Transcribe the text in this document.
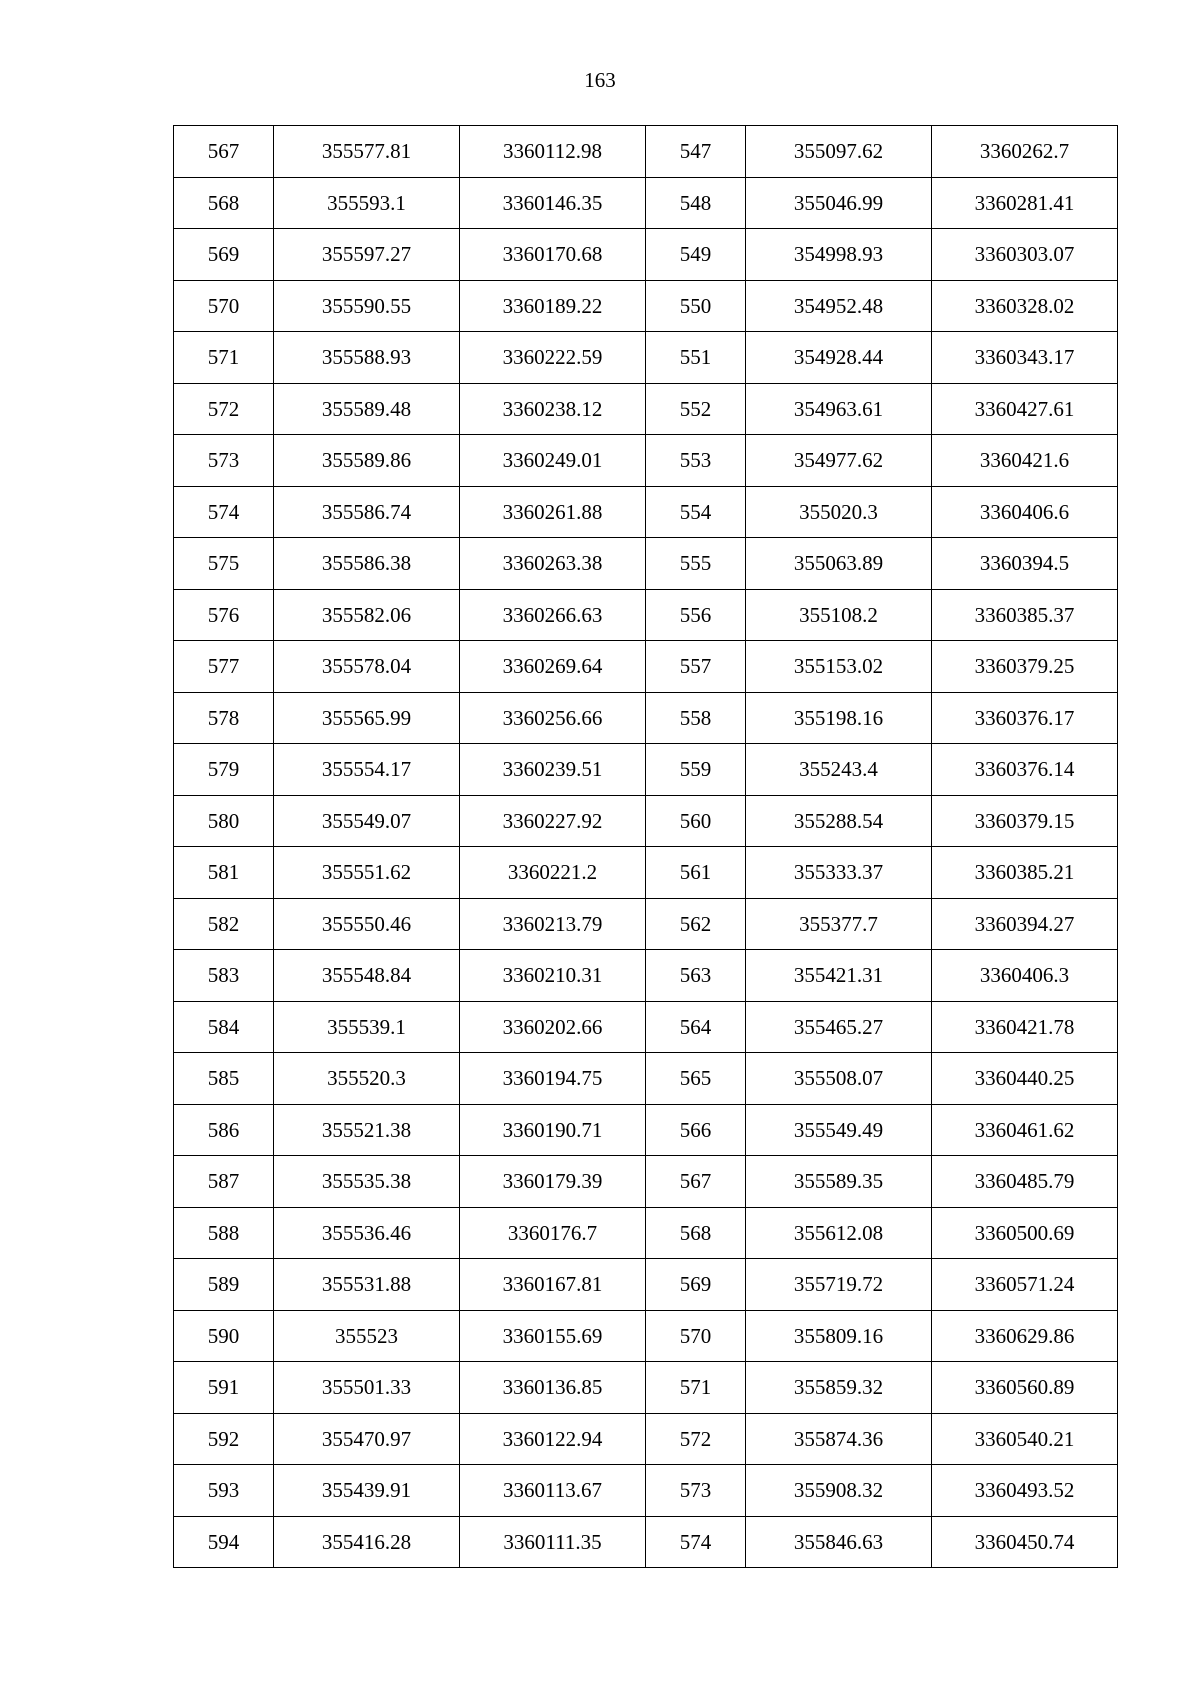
163
567	355577.81	3360112.98	547	355097.62	3360262.7
568	355593.1	3360146.35	548	355046.99	3360281.41
569	355597.27	3360170.68	549	354998.93	3360303.07
570	355590.55	3360189.22	550	354952.48	3360328.02
571	355588.93	3360222.59	551	354928.44	3360343.17
572	355589.48	3360238.12	552	354963.61	3360427.61
573	355589.86	3360249.01	553	354977.62	3360421.6
574	355586.74	3360261.88	554	355020.3	3360406.6
575	355586.38	3360263.38	555	355063.89	3360394.5
576	355582.06	3360266.63	556	355108.2	3360385.37
577	355578.04	3360269.64	557	355153.02	3360379.25
578	355565.99	3360256.66	558	355198.16	3360376.17
579	355554.17	3360239.51	559	355243.4	3360376.14
580	355549.07	3360227.92	560	355288.54	3360379.15
581	355551.62	3360221.2	561	355333.37	3360385.21
582	355550.46	3360213.79	562	355377.7	3360394.27
583	355548.84	3360210.31	563	355421.31	3360406.3
584	355539.1	3360202.66	564	355465.27	3360421.78
585	355520.3	3360194.75	565	355508.07	3360440.25
586	355521.38	3360190.71	566	355549.49	3360461.62
587	355535.38	3360179.39	567	355589.35	3360485.79
588	355536.46	3360176.7	568	355612.08	3360500.69
589	355531.88	3360167.81	569	355719.72	3360571.24
590	355523	3360155.69	570	355809.16	3360629.86
591	355501.33	3360136.85	571	355859.32	3360560.89
592	355470.97	3360122.94	572	355874.36	3360540.21
593	355439.91	3360113.67	573	355908.32	3360493.52
594	355416.28	3360111.35	574	355846.63	3360450.74
